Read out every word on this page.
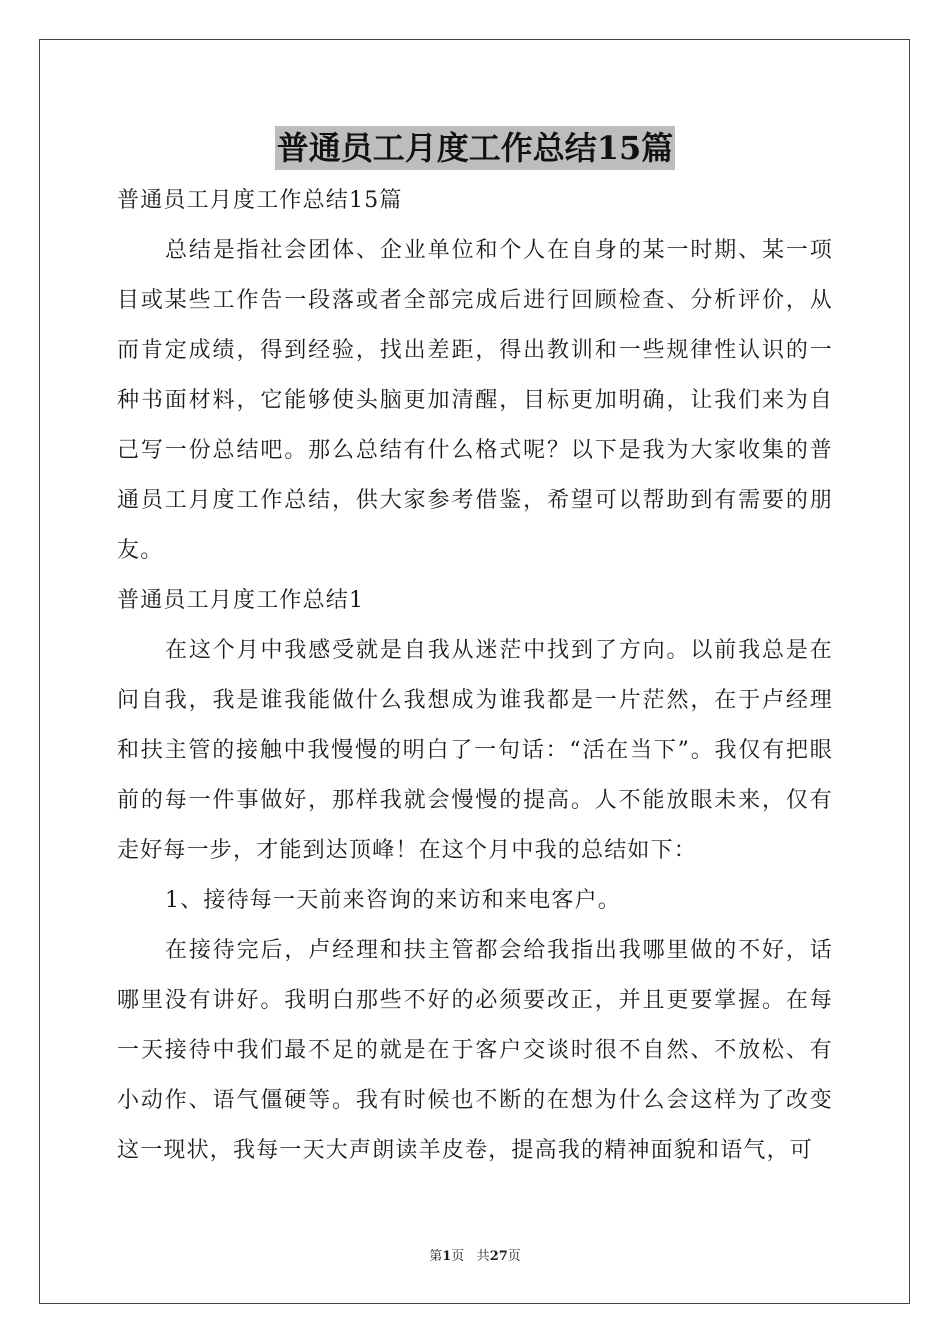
普通员工月度工作总结15篇

普通员工月度工作总结15篇

总结是指社会团体、企业单位和个人在自身的某一时期、某一项目或某些工作告一段落或者全部完成后进行回顾检查、分析评价，从而肯定成绩，得到经验，找出差距，得出教训和一些规律性认识的一种书面材料，它能够使头脑更加清醒，目标更加明确，让我们来为自己写一份总结吧。那么总结有什么格式呢？以下是我为大家收集的普通员工月度工作总结，供大家参考借鉴，希望可以帮助到有需要的朋友。

普通员工月度工作总结1

在这个月中我感受就是自我从迷茫中找到了方向。以前我总是在问自我，我是谁我能做什么我想成为谁我都是一片茫然，在于卢经理和扶主管的接触中我慢慢的明白了一句话：“活在当下”。我仅有把眼前的每一件事做好，那样我就会慢慢的提高。人不能放眼未来，仅有走好每一步，才能到达顶峰！在这个月中我的总结如下：

1、接待每一天前来咨询的来访和来电客户。

在接待完后，卢经理和扶主管都会给我指出我哪里做的不好，话哪里没有讲好。我明白那些不好的必须要改正，并且更要掌握。在每一天接待中我们最不足的就是在于客户交谈时很不自然、不放松、有小动作、语气僵硬等。我有时候也不断的在想为什么会这样为了改变这一现状，我每一天大声朗读羊皮卷，提高我的精神面貌和语气，可

第1页 共27页
